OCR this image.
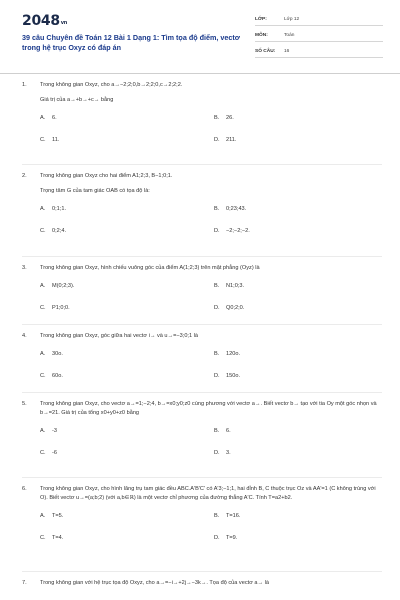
2048vn
39 câu Chuyên đề Toán 12 Bài 1 Dạng 1: Tìm tọa độ điểm, vectơ trong hệ trục Oxyz có đáp án
LỚP:	Lớp 12
MÔN:	Toán
SỐ CÂU:	16
1. Trong không gian Oxyz, cho a→−2;2;0,b→2;2;0,c→2;2;2.
Giá trị của a→+b→+c→ bằng
A. 6.	B. 26.
C. 11.	D. 211.
2. Trong không gian Oxyz cho hai điểm A1;2;3, B−1;0;1.
Trọng tâm G của tam giác OAB có tọa độ là:
A. 0;1;1.	B. 0;23;43.
C. 0;2;4.	D. −2;−2;−2.
3. Trong không gian Oxyz, hình chiếu vuông góc của điểm A(1;2;3) trên mặt phẳng (Oyz) là
A. M(0;2;3).	B. N1;0;3.
C. P1;0;0.	D. Q0;2;0.
4. Trong không gian Oxyz, góc giữa hai vectơ i→ và u→=−3;0;1 là
A. 30o.	B. 120o.
C. 60o.	D. 150o.
5. Trong không gian Oxyz, cho vectơ a→=1;−2;4, b→=x0;y0;z0 cùng phương với vectơ a→. Biết vectơ b→ tạo với tia Oy một góc nhọn và b→=21. Giá trị của tổng x0+y0+z0 bằng
A. -3	B. 6.
C. -6	D. 3.
6. Trong không gian Oxyz, cho hình lăng trụ tam giác đều ABC.A'B'C' có A'3;−1;1, hai đỉnh B, C thuộc trục Oz và AA'=1 (C không trùng với O). Biết vectơ u→=(a;b;2) (với a,b∈ℝ) là một vectơ chỉ phương của đường thẳng A'C. Tính T=a2+b2.
A. T=5.	B. T=16.
C. T=4.	D. T=9.
7. Trong không gian với hệ trục tọa độ Oxyz, cho a→=−i→+2j→−3k→. Tọa độ của vectơ a→ là
